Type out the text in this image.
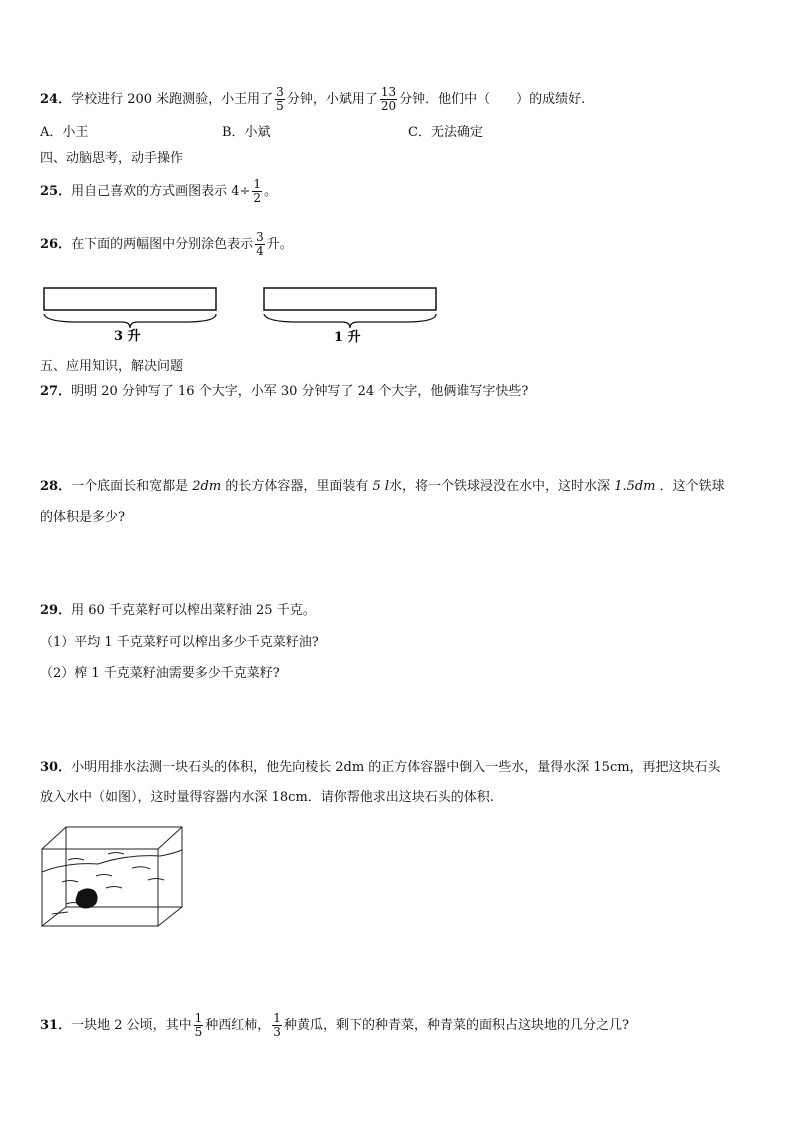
24．学校进行 200 米跑测验，小王用了 $\frac{3}{5}$ 分钟，小斌用了 $\frac{13}{20}$ 分钟．他们中（　　）的成绩好.
A．小王	B．小斌	C．无法确定
四、动脑思考，动手操作
25．用自己喜欢的方式画图表示 $4\div \frac{1}{2}$ 。
26．在下面的两幅图中分别涂色表示 $\frac{3}{4}$ 升。
3 升	1 升
五、应用知识，解决问题
27．明明 20 分钟写了 16 个大字，小军 30 分钟写了 24 个大字，他俩谁写字快些?
28．一个底面长和宽都是 2dm 的长方体容器，里面装有 5 l水，将一个铁球浸没在水中，这时水深 1.5dm ．这个铁球
的体积是多少?
29．用 60 千克菜籽可以榨出菜籽油 25 千克。
（1）平均 1 千克菜籽可以榨出多少千克菜籽油?
（2）榨 1 千克菜籽油需要多少千克菜籽?
30．小明用排水法测一块石头的体积，他先向棱长 2dm 的正方体容器中倒入一些水，量得水深 15cm，再把这块石头
放入水中（如图），这时量得容器内水深 18cm．请你帮他求出这块石头的体积.
31．一块地 2 公顷，其中 $\frac{1}{5}$ 种西红柿， $\frac{1}{3}$ 种黄瓜，剩下的种青菜，种青菜的面积占这块地的几分之几?
